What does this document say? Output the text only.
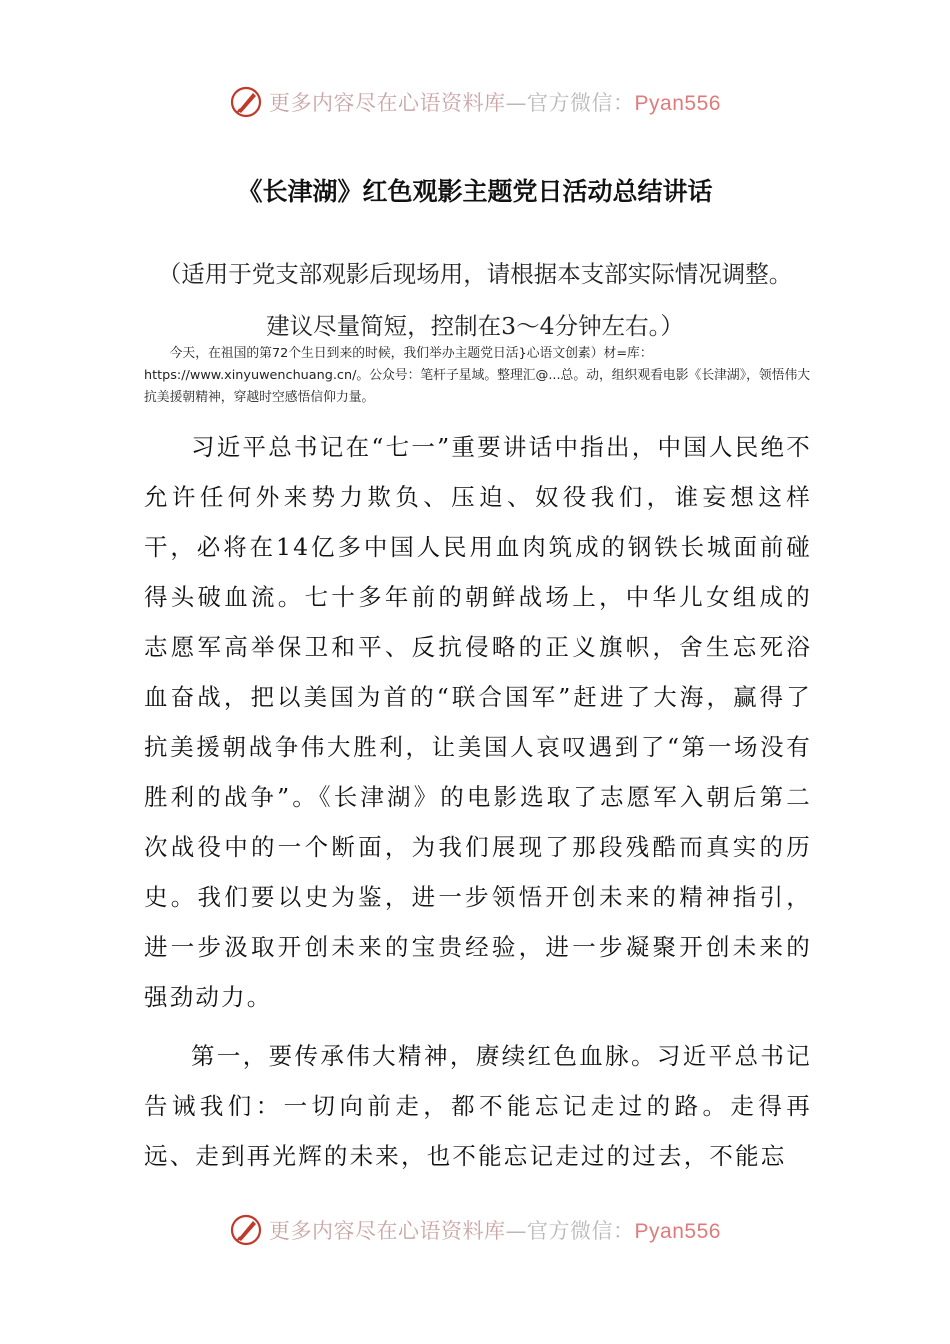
更多内容尽在心语资料库—官方微信：Pyan556
《长津湖》红色观影主题党日活动总结讲话

（适用于党支部观影后现场用，请根据本支部实际情况调整。建议尽量简短，控制在3～4分钟左右。）

今天，在祖国的第72个生日到来的时候，我们举办主题党日活}心语文创素）材=库：https://www.xinyuwenchuang.cn/。公众号：笔杆子星域。整理汇@...总。动，组织观看电影《长津湖》，领悟伟大抗美援朝精神，穿越时空感悟信仰力量。

习近平总书记在“七一”重要讲话中指出，中国人民绝不允许任何外来势力欺负、压迫、奴役我们，谁妄想这样干，必将在14亿多中国人民用血肉筑成的钢铁长城面前碰得头破血流。七十多年前的朝鲜战场上，中华儿女组成的志愿军高举保卫和平、反抗侵略的正义旗帜，舍生忘死浴血奋战，把以美国为首的“联合国军”赶进了大海，赢得了抗美援朝战争伟大胜利，让美国人哀叹遇到了“第一场没有胜利的战争”。《长津湖》的电影选取了志愿军入朝后第二次战役中的一个断面，为我们展现了那段残酷而真实的历史。我们要以史为鉴，进一步领悟开创未来的精神指引，进一步汲取开创未来的宝贵经验，进一步凝聚开创未来的强劲动力。

第一，要传承伟大精神，赓续红色血脉。习近平总书记告诫我们：一切向前走，都不能忘记走过的路。走得再远、走到再光辉的未来，也不能忘记走过的过去，不能忘

更多内容尽在心语资料库—官方微信：Pyan556
